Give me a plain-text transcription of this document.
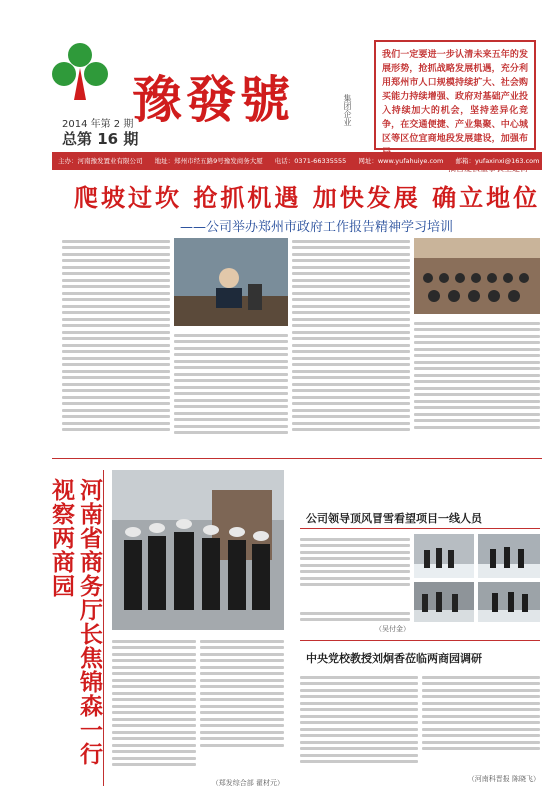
豫發號	集团企业
2014 年第 2 期
总第 16 期
我们一定要进一步认清未来五年的发展形势，抢抓战略发展机遇，充分利用郑州市人口规模持续扩大、社会购买能力持续增强、政府对基础产业投入持续加大的机会，坚持差异化竞争，在交通便捷、产业集聚、中心城区等区位宜商地段发展建设，加强布
主办：河南豫发置业有限公司 地址：郑州市经五路9号豫发商务大厦 电话：0371-66335555 网址：www.yufahuiye.com 邮箱：yufaxinxi@163.com
爬坡过坎 抢抓机遇 加快发展 确立地位
——公司举办郑州市政府工作报告精神学习培训
河南省商务厅长焦锦森一行视察两商园
（郑发综合部 翟材元）
公司领导顶风冒雪看望项目一线人员
（吴付金）
中央党校教授刘炯香莅临两商园调研
（河南科晋报 陈晓飞）
